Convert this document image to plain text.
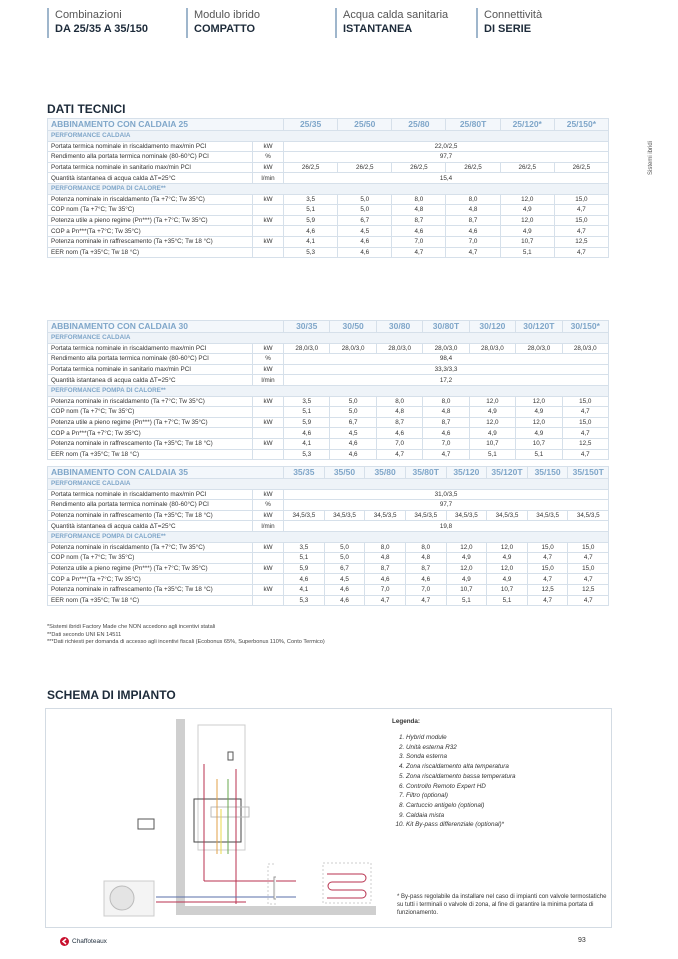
Combinazioni
DA 25/35 A 35/150
Modulo ibrido
COMPATTO
Acqua calda sanitaria
ISTANTANEA
Connettività
DI SERIE
Sistemi ibridi
DATI TECNICI
ABBINAMENTO CON CALDAIA 25		25/35	25/50	25/80	25/80T	25/120*	25/150*
PERFORMANCE CALDAIA							
Portata termica nominale in riscaldamento max/min PCI	kW	22,0/2,5					
Rendimento alla portata termica nominale (80-60°C) PCI	%	97,7					
Portata termica nominale in sanitario max/min PCI	kW	26/2,5	26/2,5	26/2,5	26/2,5	26/2,5	26/2,5
Quantità istantanea di acqua calda ΔT=25°C	l/min	15,4					
PERFORMANCE POMPA DI CALORE**							
Potenza nominale in riscaldamento (Ta +7°C; Tw 35°C)	kW	3,5	5,0	8,0	8,0	12,0	15,0
COP nom (Ta +7°C; Tw 35°C)		5,1	5,0	4,8	4,8	4,9	4,7
Potenza utile a pieno regime (Pn***) (Ta +7°C; Tw 35°C)	kW	5,9	6,7	8,7	8,7	12,0	15,0
COP a Pn***(Ta +7°C; Tw 35°C)		4,6	4,5	4,6	4,6	4,9	4,7
Potenza nominale in raffrescamento (Ta +35°C; Tw 18 °C)	kW	4,1	4,6	7,0	7,0	10,7	12,5
EER nom (Ta +35°C; Tw 18 °C)		5,3	4,6	4,7	4,7	5,1	4,7
ABBINAMENTO CON CALDAIA 30		30/35	30/50	30/80	30/80T	30/120	30/120T	30/150*
PERFORMANCE CALDAIA								
Portata termica nominale in riscaldamento max/min PCI	kW	28,0/3,0	28,0/3,0	28,0/3,0	28,0/3,0	28,0/3,0	28,0/3,0	28,0/3,0
Rendimento alla portata termica nominale (80-60°C) PCI	%	98,4						
Portata termica nominale in sanitario max/min PCI	kW	33,3/3,3						
Quantità istantanea di acqua calda ΔT=25°C	l/min	17,2						
PERFORMANCE POMPA DI CALORE**								
Potenza nominale in riscaldamento (Ta +7°C; Tw 35°C)	kW	3,5	5,0	8,0	8,0	12,0	12,0	15,0
COP nom (Ta +7°C; Tw 35°C)		5,1	5,0	4,8	4,8	4,9	4,9	4,7
Potenza utile a pieno regime (Pn***) (Ta +7°C; Tw 35°C)	kW	5,9	6,7	8,7	8,7	12,0	12,0	15,0
COP a Pn***(Ta +7°C; Tw 35°C)		4,6	4,5	4,6	4,6	4,9	4,9	4,7
Potenza nominale in raffrescamento (Ta +35°C; Tw 18 °C)	kW	4,1	4,6	7,0	7,0	10,7	10,7	12,5
EER nom (Ta +35°C; Tw 18 °C)		5,3	4,6	4,7	4,7	5,1	5,1	4,7
ABBINAMENTO CON CALDAIA 35		35/35	35/50	35/80	35/80T	35/120	35/120T	35/150	35/150T
PERFORMANCE CALDAIA									
Portata termica nominale in riscaldamento max/min PCI	kW	31,0/3,5							
Rendimento alla portata termica nominale (80-60°C) PCI	%	97,7							
Potenza nominale in raffrescamento (Ta +35°C; Tw 18 °C)	kW	34,5/3,5	34,5/3,5	34,5/3,5	34,5/3,5	34,5/3,5	34,5/3,5	34,5/3,5	34,5/3,5
Quantità istantanea di acqua calda ΔT=25°C	l/min	19,8							
PERFORMANCE POMPA DI CALORE**									
Potenza nominale in riscaldamento (Ta +7°C; Tw 35°C)	kW	3,5	5,0	8,0	8,0	12,0	12,0	15,0	15,0
COP nom (Ta +7°C; Tw 35°C)		5,1	5,0	4,8	4,8	4,9	4,9	4,7	4,7
Potenza utile a pieno regime (Pn***) (Ta +7°C; Tw 35°C)	kW	5,9	6,7	8,7	8,7	12,0	12,0	15,0	15,0
COP a Pn***(Ta +7°C; Tw 35°C)		4,6	4,5	4,6	4,6	4,9	4,9	4,7	4,7
Potenza nominale in raffrescamento (Ta +35°C; Tw 18 °C)	kW	4,1	4,6	7,0	7,0	10,7	10,7	12,5	12,5
EER nom (Ta +35°C; Tw 18 °C)		5,3	4,6	4,7	4,7	5,1	5,1	4,7	4,7
*Sistemi ibridi Factory Made che NON accedono agli incentivi statali
**Dati secondo UNI EN 14511
***Dati richiesti per domanda di accesso agli incentivi fiscali (Ecobonus 65%, Superbonus 110%, Conto Termico)
SCHEMA DI IMPIANTO
Legenda:
1. Hybrid module
2. Unità esterna R32
3. Sonda esterna
4. Zona riscaldamento alta temperatura
5. Zona riscaldamento bassa temperatura
6. Controllo Remoto Expert HD
7. Filtro (optional)
8. Cartuccio antigelo (optional)
9. Caldaia mista
10. Kit By-pass differenziale (optional)*
* By-pass regolabile da installare nel caso di impianti con valvole termostatiche su tutti i terminali o valvole di zona, al fine di garantire la minima portata di funzionamento.
Chaffoteaux	93
